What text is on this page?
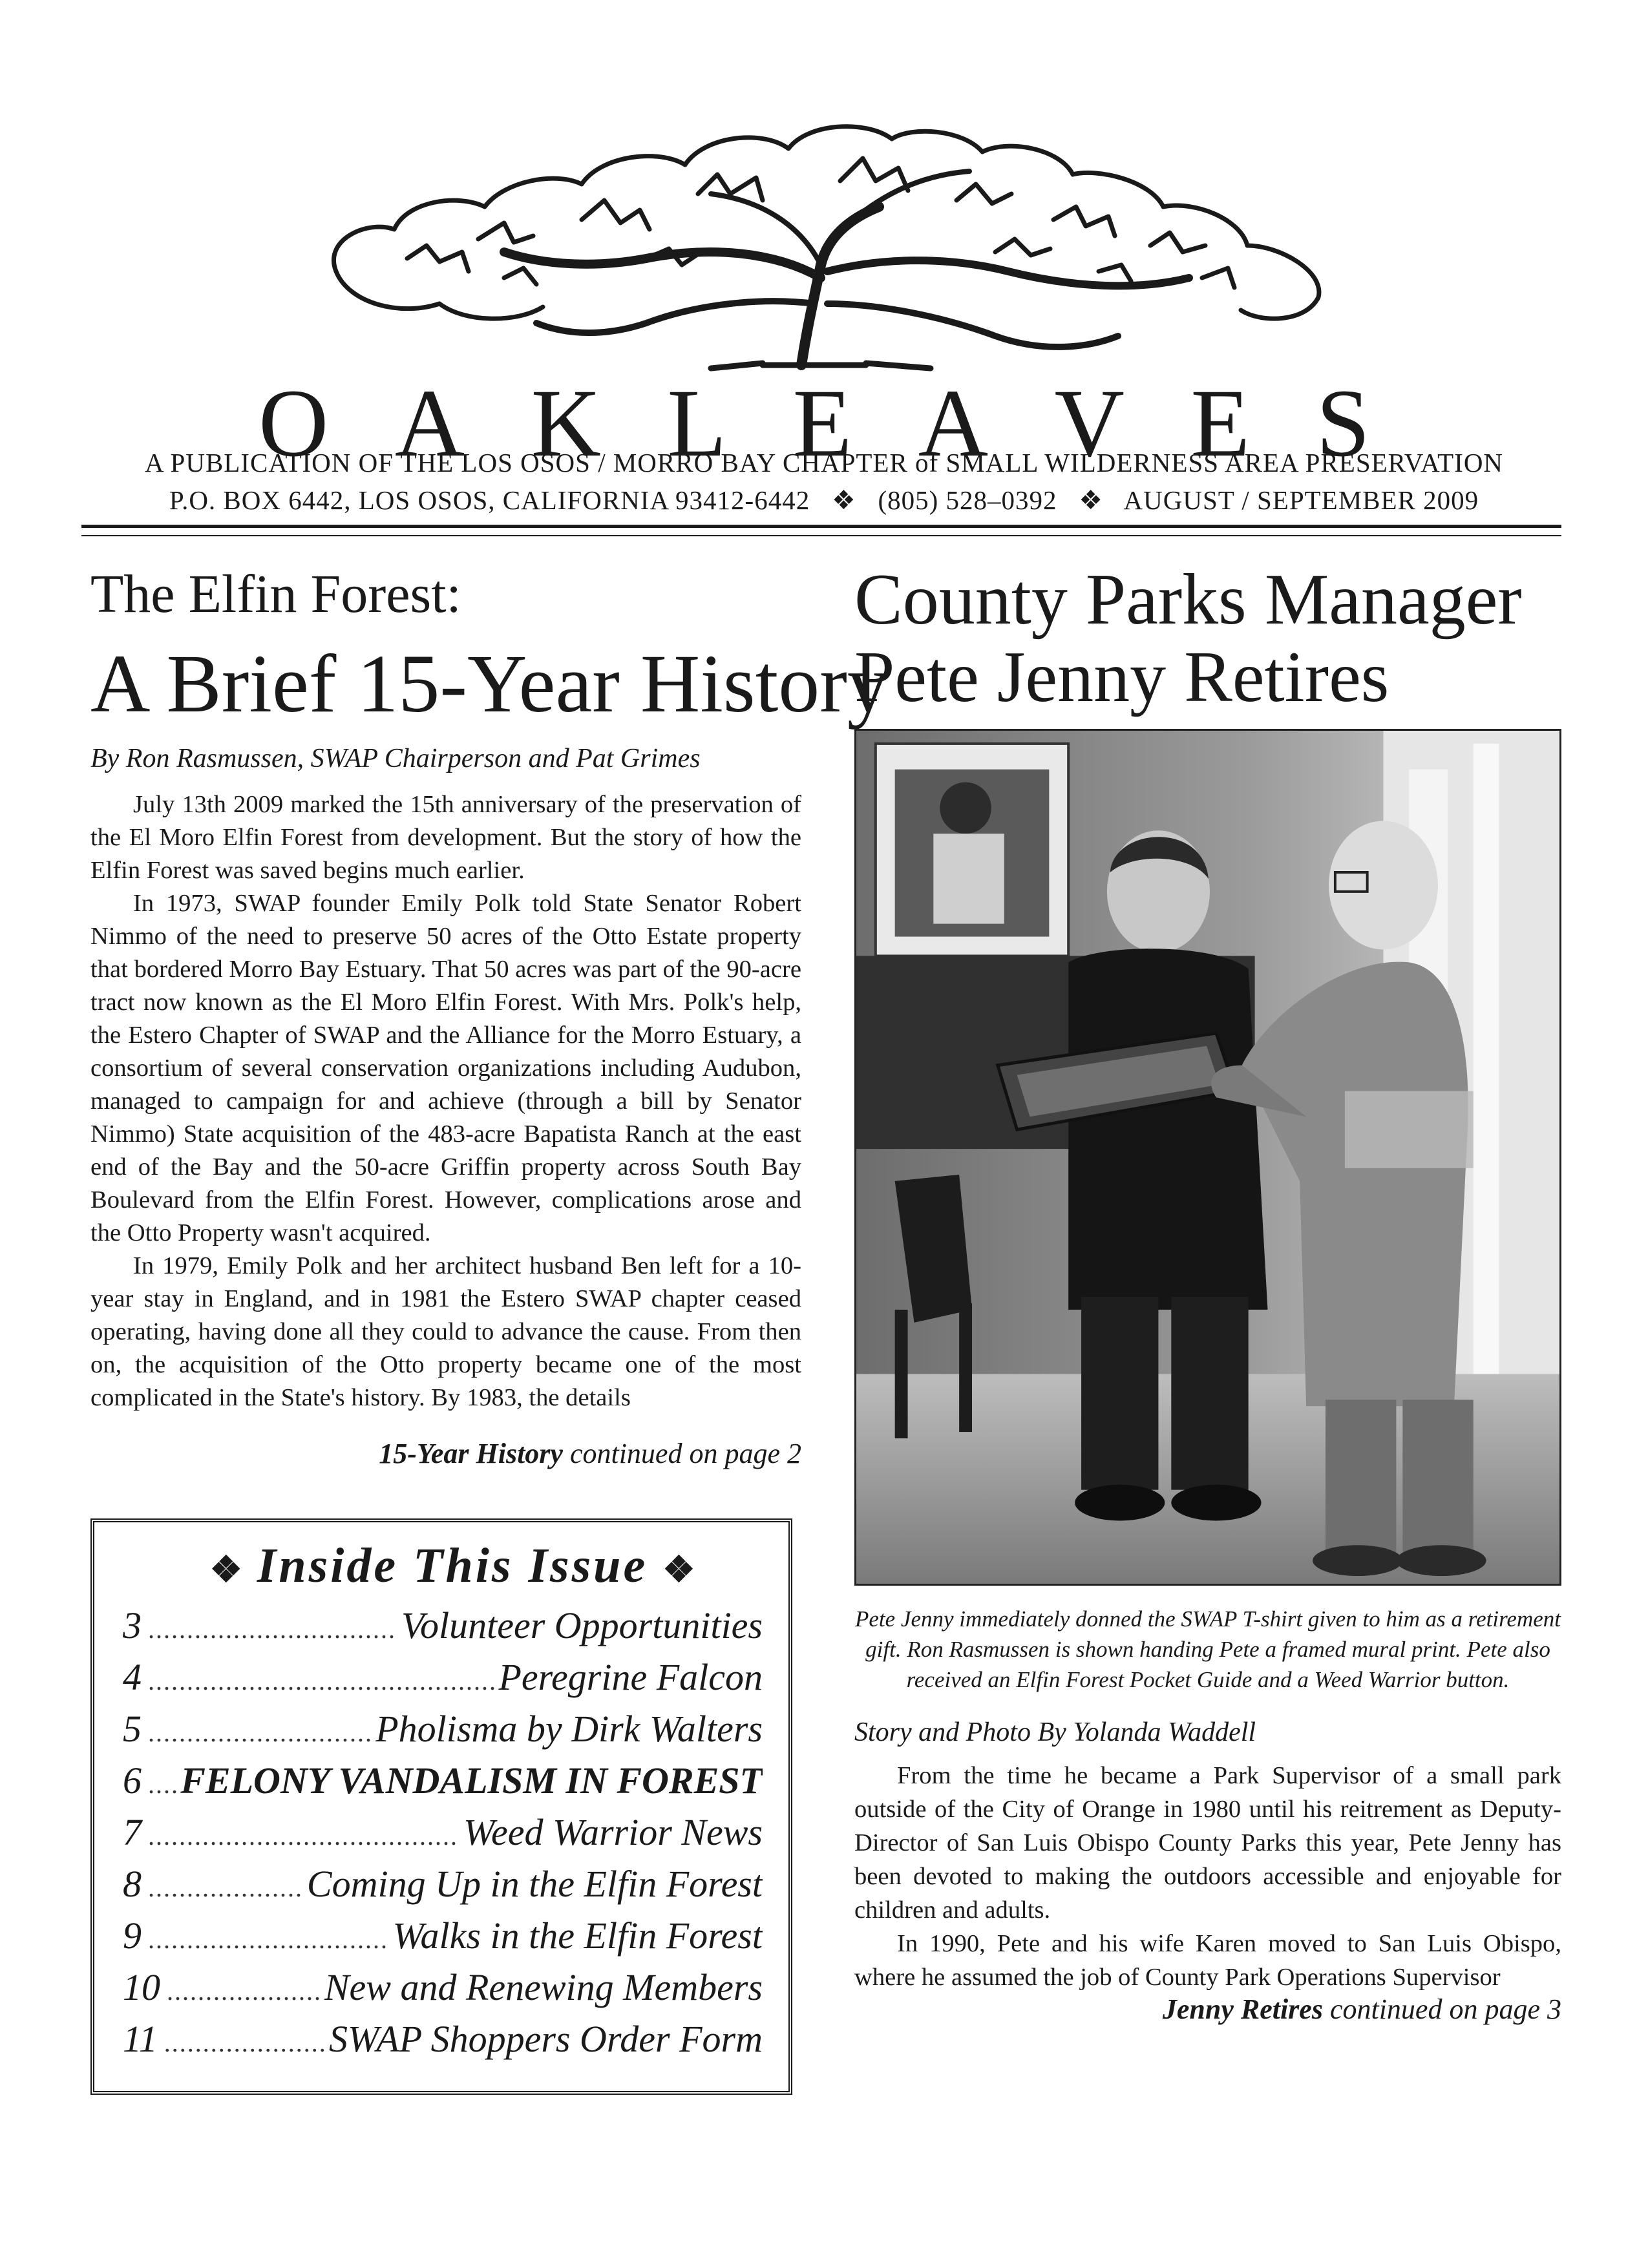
O A K L E A V E S
A PUBLICATION OF THE LOS OSOS / MORRO BAY CHAPTER of SMALL WILDERNESS AREA PRESERVATION
P.O. BOX 6442, LOS OSOS, CALIFORNIA 93412-6442 ❖ (805) 528–0392 ❖ AUGUST / SEPTEMBER 2009
The Elfin Forest:
A Brief 15-Year History
By Ron Rasmussen, SWAP Chairperson and Pat Grimes

July 13th 2009 marked the 15th anniversary of the preservation of the El Moro Elfin Forest from development. But the story of how the Elfin Forest was saved begins much earlier.

In 1973, SWAP founder Emily Polk told State Senator Robert Nimmo of the need to preserve 50 acres of the Otto Estate property that bordered Morro Bay Estuary. That 50 acres was part of the 90-acre tract now known as the El Moro Elfin Forest. With Mrs. Polk's help, the Estero Chapter of SWAP and the Alliance for the Morro Estuary, a consortium of several conservation organizations including Audubon, managed to campaign for and achieve (through a bill by Senator Nimmo) State acquisition of the 483-acre Bapatista Ranch at the east end of the Bay and the 50-acre Griffin property across South Bay Boulevard from the Elfin Forest. However, complications arose and the Otto Property wasn't acquired.

In 1979, Emily Polk and her architect husband Ben left for a 10-year stay in England, and in 1981 the Estero SWAP chapter ceased operating, having done all they could to advance the cause. From then on, the acquisition of the Otto property became one of the most complicated in the State's history. By 1983, the details

15-Year History continued on page 2
❖ Inside This Issue ❖
3 .....	Volunteer Opportunities
4 .....	Peregrine Falcon
5 .....	Pholisma by Dirk Walters
6 ..... FELONY VANDALISM IN FOREST
7 .....	Weed Warrior News
8 .....	Coming Up in the Elfin Forest
9 .....	Walks in the Elfin Forest
10 .....	New and Renewing Members
11 .....	SWAP Shoppers Order Form
County Parks Manager
Pete Jenny Retires
Pete Jenny immediately donned the SWAP T-shirt given to him as a retirement gift. Ron Rasmussen is shown handing Pete a framed mural print. Pete also received an Elfin Forest Pocket Guide and a Weed Warrior button.
Story and Photo By Yolanda Waddell

From the time he became a Park Supervisor of a small park outside of the City of Orange in 1980 until his reitrement as Deputy-Director of San Luis Obispo County Parks this year, Pete Jenny has been devoted to making the outdoors accessible and enjoyable for children and adults.

In 1990, Pete and his wife Karen moved to San Luis Obispo, where he assumed the job of County Park Operations Supervisor

Jenny Retires continued on page 3
